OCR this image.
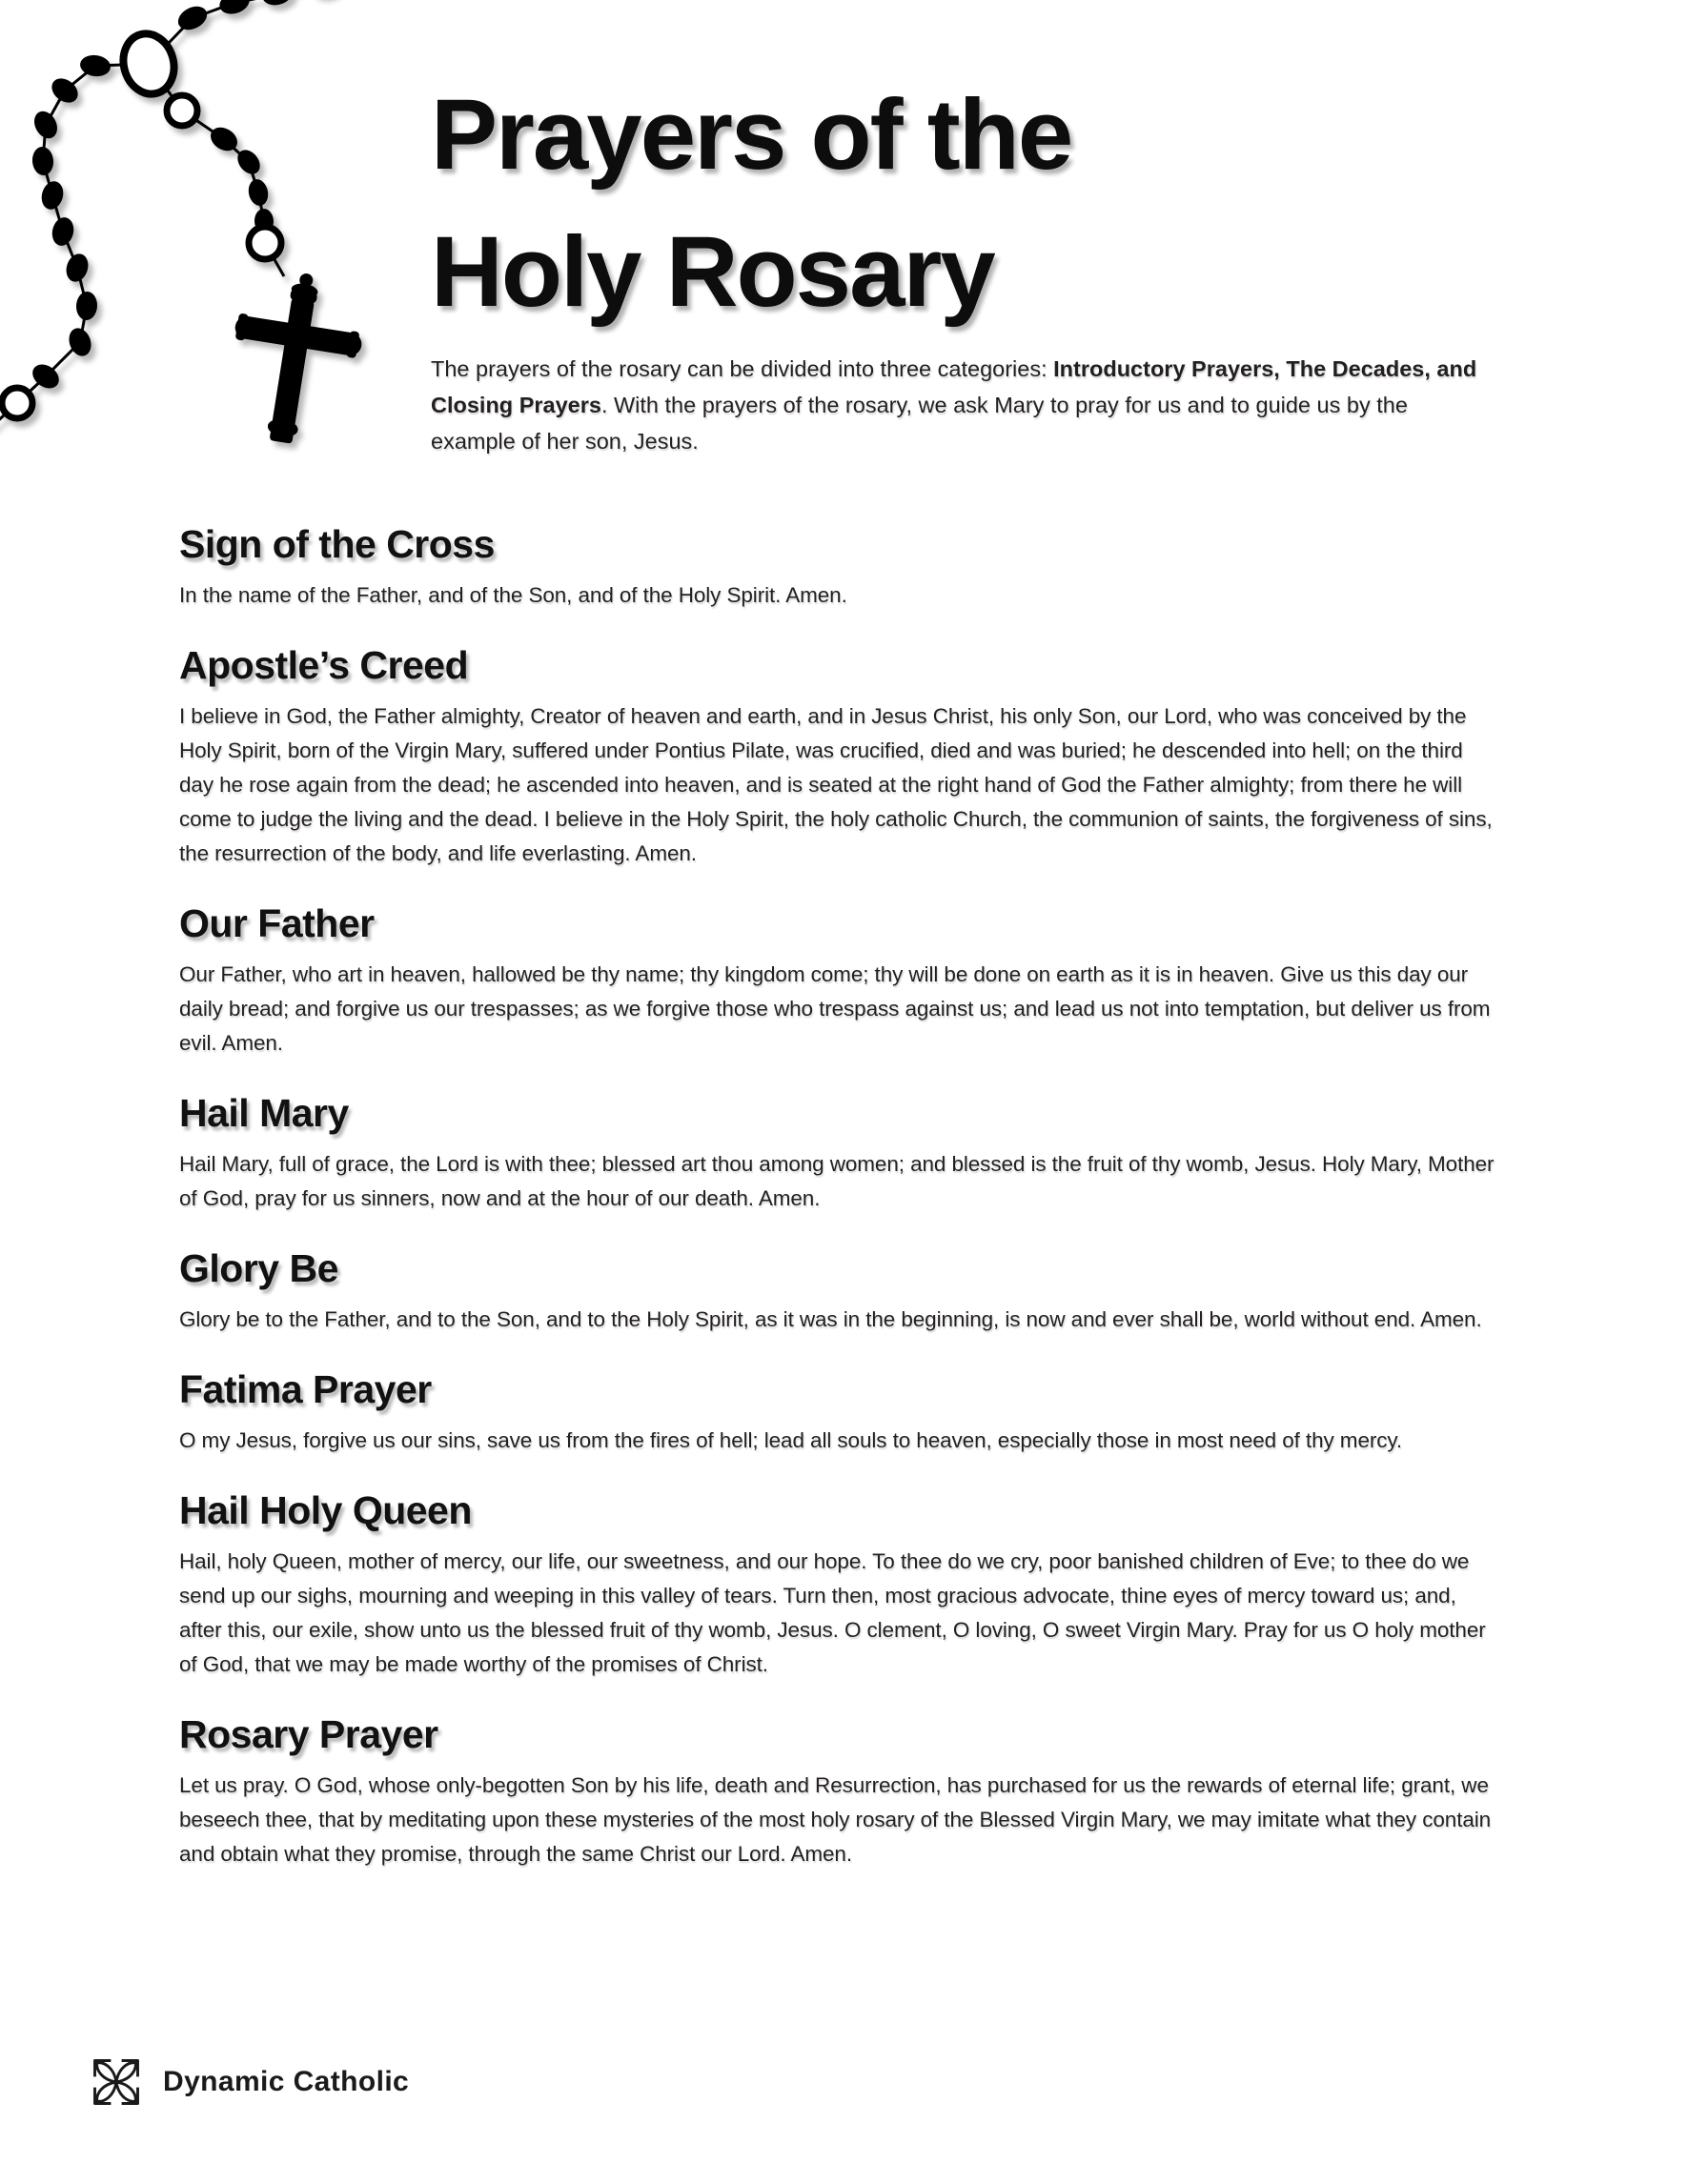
Prayers of the
Holy Rosary

The prayers of the rosary can be divided into three categories: Introductory Prayers, The Decades, and Closing Prayers. With the prayers of the rosary, we ask Mary to pray for us and to guide us by the example of her son, Jesus.

Sign of the Cross

In the name of the Father, and of the Son, and of the Holy Spirit. Amen.

Apostle’s Creed

I believe in God, the Father almighty, Creator of heaven and earth, and in Jesus Christ, his only Son, our Lord, who was conceived by the Holy Spirit, born of the Virgin Mary, suffered under Pontius Pilate, was crucified, died and was buried; he descended into hell; on the third day he rose again from the dead; he ascended into heaven, and is seated at the right hand of God the Father almighty; from there he will come to judge the living and the dead. I believe in the Holy Spirit, the holy catholic Church, the communion of saints, the forgiveness of sins, the resurrection of the body, and life everlasting. Amen.

Our Father

Our Father, who art in heaven, hallowed be thy name; thy kingdom come; thy will be done on earth as it is in heaven. Give us this day our daily bread; and forgive us our trespasses; as we forgive those who trespass against us; and lead us not into temptation, but deliver us from evil. Amen.

Hail Mary

Hail Mary, full of grace, the Lord is with thee; blessed art thou among women; and blessed is the fruit of thy womb, Jesus. Holy Mary, Mother of God, pray for us sinners, now and at the hour of our death. Amen.

Glory Be

Glory be to the Father, and to the Son, and to the Holy Spirit, as it was in the beginning, is now and ever shall be, world without end. Amen.

Fatima Prayer

O my Jesus, forgive us our sins, save us from the fires of hell; lead all souls to heaven, especially those in most need of thy mercy.

Hail Holy Queen

Hail, holy Queen, mother of mercy, our life, our sweetness, and our hope. To thee do we cry, poor banished children of Eve; to thee do we send up our sighs, mourning and weeping in this valley of tears. Turn then, most gracious advocate, thine eyes of mercy toward us; and, after this, our exile, show unto us the blessed fruit of thy womb, Jesus. O clement, O loving, O sweet Virgin Mary. Pray for us O holy mother of God, that we may be made worthy of the promises of Christ.

Rosary Prayer

Let us pray. O God, whose only-begotten Son by his life, death and Resurrection, has purchased for us the rewards of eternal life; grant, we beseech thee, that by meditating upon these mysteries of the most holy rosary of the Blessed Virgin Mary, we may imitate what they contain and obtain what they promise, through the same Christ our Lord. Amen.

Dynamic Catholic
